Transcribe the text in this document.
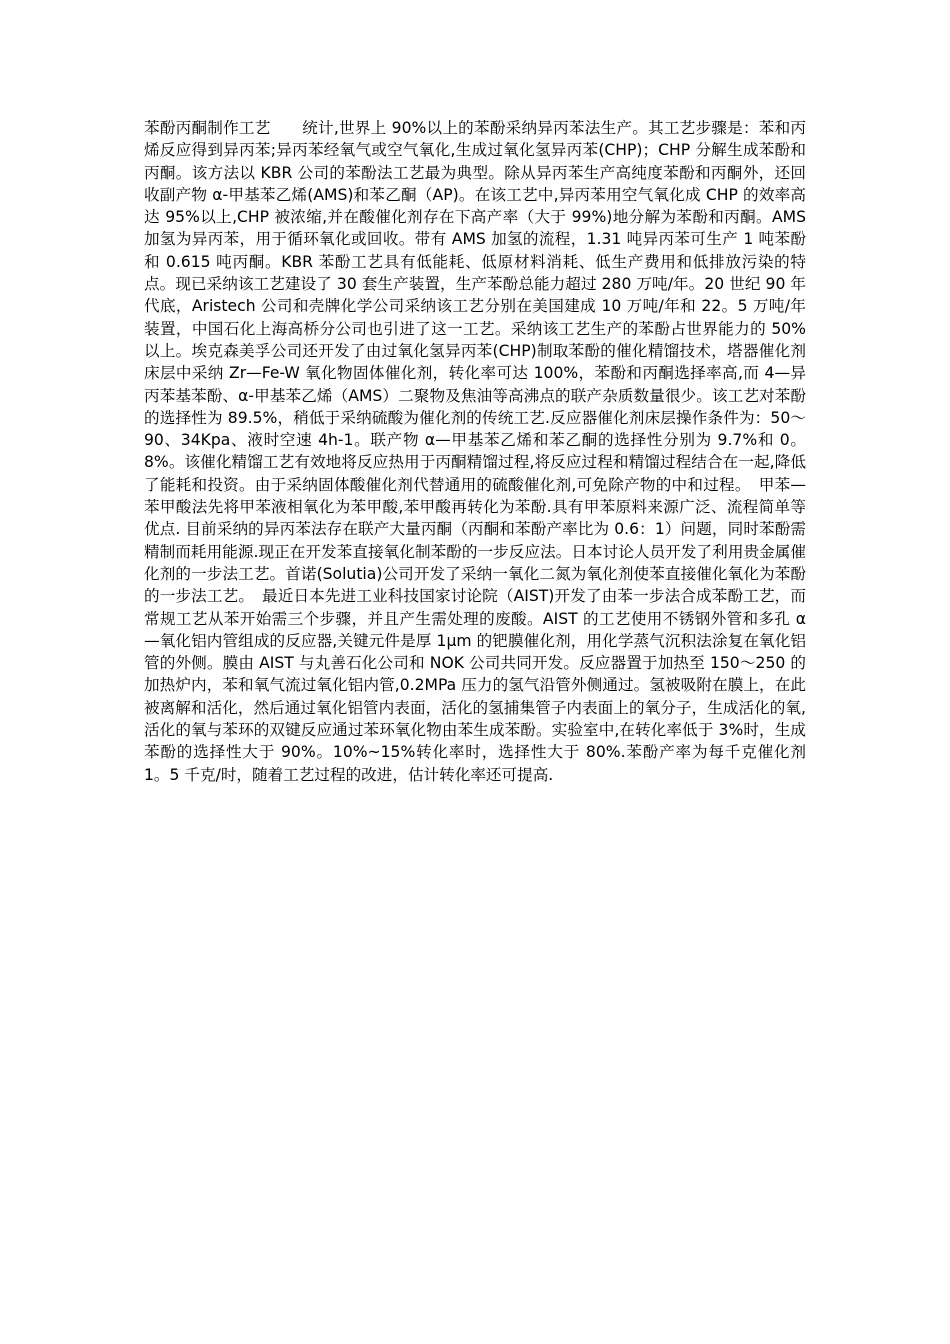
苯酚丙酮制作工艺　　统计,世界上 90%以上的苯酚采纳异丙苯法生产。其工艺步骤是：苯和丙烯反应得到异丙苯;异丙苯经氧气或空气氧化,生成过氧化氢异丙苯(CHP)；CHP 分解生成苯酚和丙酮。该方法以 KBR 公司的苯酚法工艺最为典型。除从异丙苯生产高纯度苯酚和丙酮外，还回收副产物 α-甲基苯乙烯(AMS)和苯乙酮（AP)。在该工艺中,异丙苯用空气氧化成 CHP 的效率高达 95%以上,CHP 被浓缩,并在酸催化剂存在下高产率（大于 99%)地分解为苯酚和丙酮。AMS 加氢为异丙苯，用于循环氧化或回收。带有 AMS 加氢的流程，1.31 吨异丙苯可生产 1 吨苯酚和 0.615 吨丙酮。KBR 苯酚工艺具有低能耗、低原材料消耗、低生产费用和低排放污染的特点。现已采纳该工艺建设了 30 套生产装置，生产苯酚总能力超过 280 万吨/年。20 世纪 90 年代底，Aristech 公司和壳牌化学公司采纳该工艺分别在美国建成 10 万吨/年和 22。5 万吨/年装置，中国石化上海高桥分公司也引进了这一工艺。采纳该工艺生产的苯酚占世界能力的 50%以上。埃克森美孚公司还开发了由过氧化氢异丙苯(CHP)制取苯酚的催化精馏技术，塔器催化剂床层中采纳 Zr—Fe-W 氧化物固体催化剂，转化率可达 100%，苯酚和丙酮选择率高,而 4—异丙苯基苯酚、α-甲基苯乙烯（AMS）二聚物及焦油等高沸点的联产杂质数量很少。该工艺对苯酚的选择性为 89.5%，稍低于采纳硫酸为催化剂的传统工艺.反应器催化剂床层操作条件为：50～90、34Kpa、液时空速 4h-1。联产物 α—甲基苯乙烯和苯乙酮的选择性分别为 9.7%和 0。8%。该催化精馏工艺有效地将反应热用于丙酮精馏过程,将反应过程和精馏过程结合在一起,降低了能耗和投资。由于采纳固体酸催化剂代替通用的硫酸催化剂,可免除产物的中和过程。　甲苯—苯甲酸法先将甲苯液相氧化为苯甲酸,苯甲酸再转化为苯酚.具有甲苯原料来源广泛、流程简单等优点. 目前采纳的异丙苯法存在联产大量丙酮（丙酮和苯酚产率比为 0.6：1）问题，同时苯酚需精制而耗用能源.现正在开发苯直接氧化制苯酚的一步反应法。日本讨论人员开发了利用贵金属催化剂的一步法工艺。首诺(Solutia)公司开发了采纳一氧化二氮为氧化剂使苯直接催化氧化为苯酚的一步法工艺。　最近日本先进工业科技国家讨论院（AIST)开发了由苯一步法合成苯酚工艺，而常规工艺从苯开始需三个步骤，并且产生需处理的废酸。AIST 的工艺使用不锈钢外管和多孔 α—氧化铝内管组成的反应器,关键元件是厚 1μm 的钯膜催化剂，用化学蒸气沉积法涂复在氧化铝管的外侧。膜由 AIST 与丸善石化公司和 NOK 公司共同开发。反应器置于加热至 150～250 的加热炉内，苯和氧气流过氧化铝内管,0.2MPa 压力的氢气沿管外侧通过。氢被吸附在膜上，在此被离解和活化，然后通过氧化铝管内表面，活化的氢捕集管子内表面上的氧分子，生成活化的氧,活化的氧与苯环的双键反应通过苯环氧化物由苯生成苯酚。实验室中,在转化率低于 3%时，生成苯酚的选择性大于 90%。10%~15%转化率时，选择性大于 80%.苯酚产率为每千克催化剂 1。5 千克/时，随着工艺过程的改进，估计转化率还可提高.
